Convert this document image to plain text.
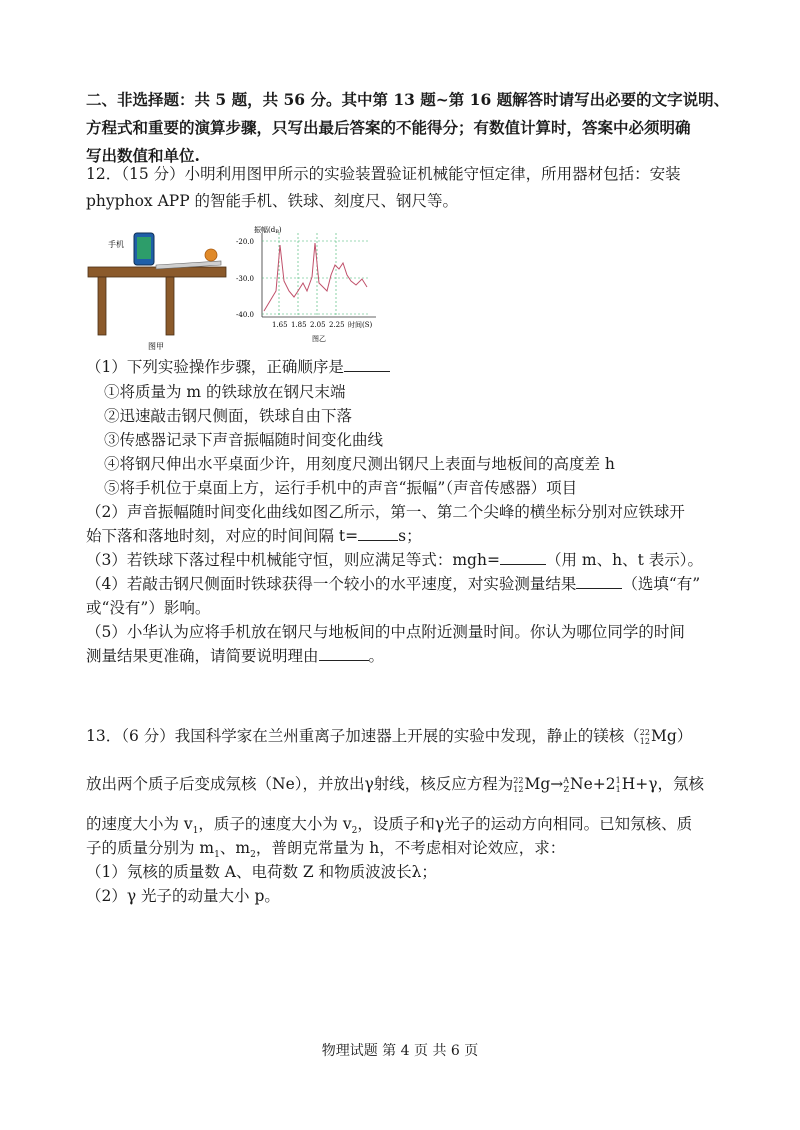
二、非选择题：共 5 题，共 56 分。其中第 13 题~第 16 题解答时请写出必要的文字说明、
方程式和重要的演算步骤，只写出最后答案的不能得分；有数值计算时，答案中必须明确
写出数值和单位.
12．（15 分）小明利用图甲所示的实验装置验证机械能守恒定律，所用器材包括：安装
phyphox APP 的智能手机、铁球、刻度尺、钢尺等。
手机
图甲
振幅(dB)
-20.0
-30.0
-40.0
1.65 1.85 2.05 2.25 时间(S)
图乙
（1）下列实验操作步骤，正确顺序是
①将质量为 m 的铁球放在钢尺末端
②迅速敲击钢尺侧面，铁球自由下落
③传感器记录下声音振幅随时间变化曲线
④将钢尺伸出水平桌面少许，用刻度尺测出钢尺上表面与地板间的高度差 h
⑤将手机位于桌面上方，运行手机中的声音“振幅”（声音传感器）项目
（2）声音振幅随时间变化曲线如图乙所示，第一、第二个尖峰的横坐标分别对应铁球开
始下落和落地时刻，对应的时间间隔 t=	s；
（3）若铁球下落过程中机械能守恒，则应满足等式：mgh=	（用 m、h、t 表示）。
（4）若敲击钢尺侧面时铁球获得一个较小的水平速度，对实验测量结果	（选填“有”
或“没有”）影响。
（5）小华认为应将手机放在钢尺与地板间的中点附近测量时间。你认为哪位同学的时间
测量结果更准确，请简要说明理由	。
13．（6 分）我国科学家在兰州重离子加速器上开展的实验中发现，静止的镁核（ 22
12 Mg）
放出两个质子后变成氖核（Ne），并放出γ射线，核反应方程为 22
12 Mg→ A
Z Ne+2 1
1 H+γ，氖核
的速度大小为 $v_1$，质子的速度大小为 $v_2$，设质子和γ光子的运动方向相同。已知氖核、质
子的质量分别为 $m_1$、$m_2$，普朗克常量为 h，不考虑相对论效应，求：
（1）氖核的质量数 A、电荷数 Z 和物质波波长λ；
（2）γ 光子的动量大小 p。
物理试题 第 4 页 共 6 页
